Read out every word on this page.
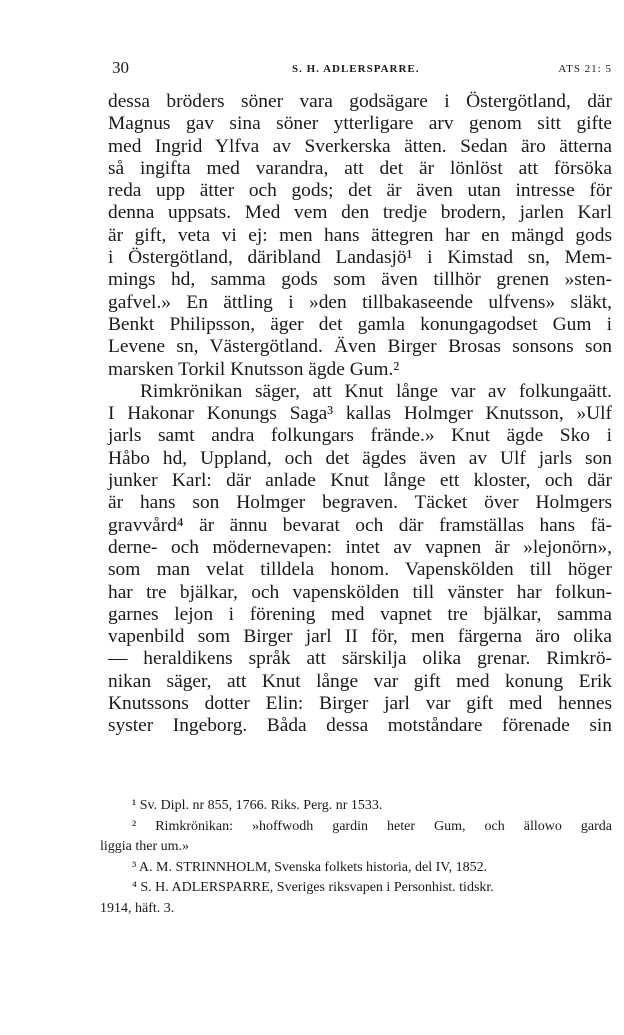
30	S. H. ADLERSPARRE.	ATS 21: 5
dessa bröders söner vara godsägare i Östergötland, där
Magnus gav sina söner ytterligare arv genom sitt gifte
med Ingrid Ylfva av Sverkerska ätten. Sedan äro ätterna
så ingifta med varandra, att det är lönlöst att försöka
reda upp ätter och gods; det är även utan intresse för
denna uppsats. Med vem den tredje brodern, jarlen Karl
är gift, veta vi ej: men hans ättegren har en mängd gods
i Östergötland, däribland Landasjö¹ i Kimstad sn, Mem-
mings hd, samma gods som även tillhör grenen »sten-
gafvel.» En ättling i »den tillbakaseende ulfvens» släkt,
Benkt Philipsson, äger det gamla konungagodset Gum i
Levene sn, Västergötland. Även Birger Brosas sonsons son
marsken Torkil Knutsson ägde Gum.²
Rimkrönikan säger, att Knut långe var av folkungaätt.
I Hakonar Konungs Saga³ kallas Holmger Knutsson, »Ulf
jarls samt andra folkungars frände.» Knut ägde Sko i
Håbo hd, Uppland, och det ägdes även av Ulf jarls son
junker Karl: där anlade Knut långe ett kloster, och där
är hans son Holmger begraven. Täcket över Holmgers
gravvård⁴ är ännu bevarat och där framställas hans fä-
derne- och mödernevapen: intet av vapnen är »lejonörn»,
som man velat tilldela honom. Vapenskölden till höger
har tre bjälkar, och vapenskölden till vänster har folkun-
garnes lejon i förening med vapnet tre bjälkar, samma
vapenbild som Birger jarl II för, men färgerna äro olika
— heraldikens språk att särskilja olika grenar. Rimkrö-
nikan säger, att Knut långe var gift med konung Erik
Knutssons dotter Elin: Birger jarl var gift med hennes
syster Ingeborg. Båda dessa motståndare förenade sin
¹ Sv. Dipl. nr 855, 1766. Riks. Perg. nr 1533.
² Rimkrönikan: »hoffwodh gardin heter Gum, och ällowo garda
liggia ther um.»
³ A. M. STRINNHOLM, Svenska folkets historia, del IV, 1852.
⁴ S. H. ADLERSPARRE, Sveriges riksvapen i Personhist. tidskr.
1914, häft. 3.
